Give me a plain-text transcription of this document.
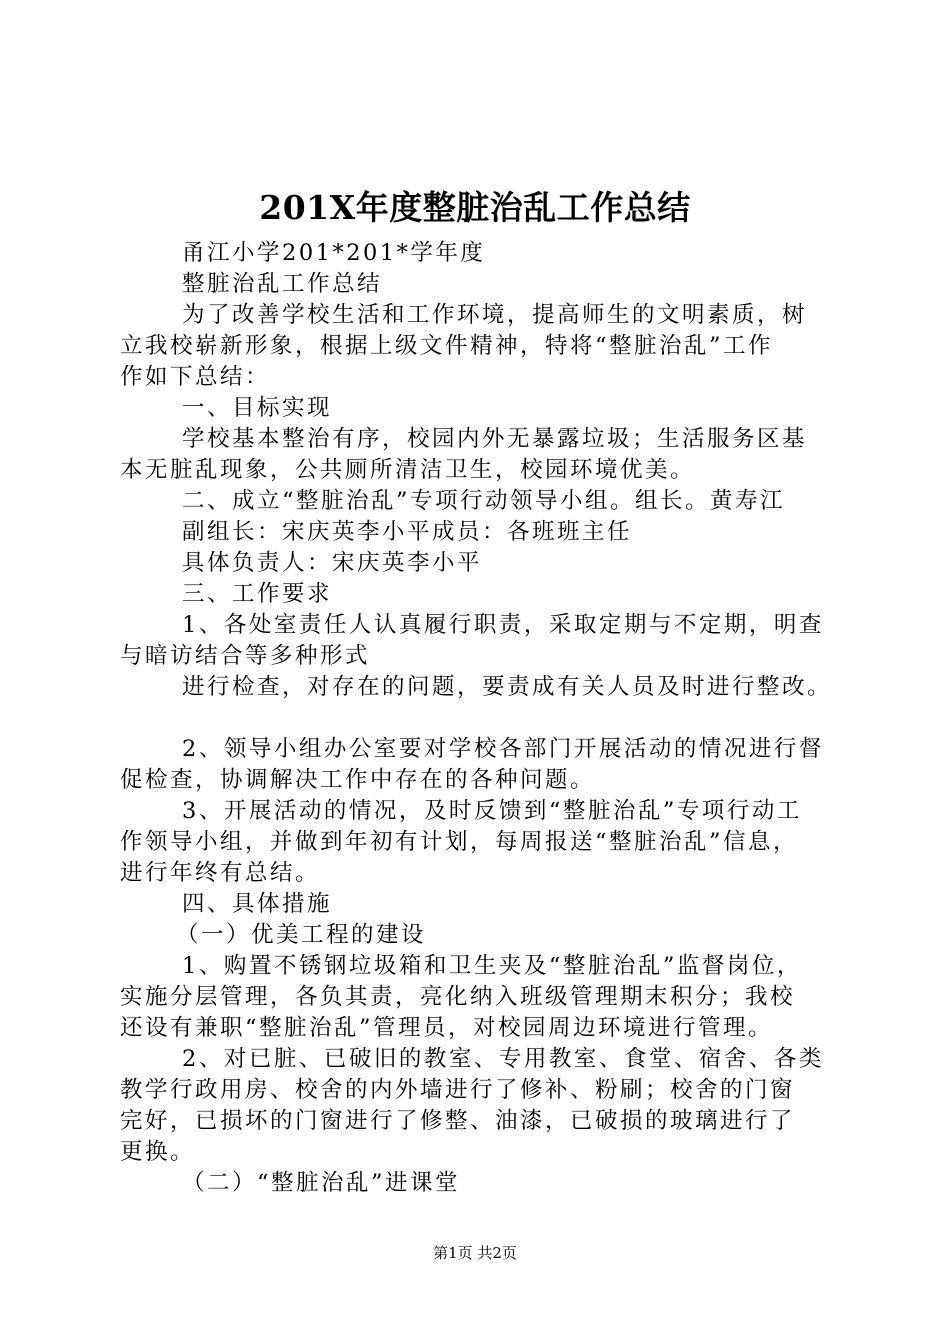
201X年度整脏治乱工作总结
甬江小学201*201*学年度
整脏治乱工作总结
为了改善学校生活和工作环境，提高师生的文明素质，树
立我校崭新形象，根据上级文件精神，特将“整脏治乱”工作
作如下总结：
一、目标实现
学校基本整治有序，校园内外无暴露垃圾；生活服务区基
本无脏乱现象，公共厕所清洁卫生，校园环境优美。
二、成立“整脏治乱”专项行动领导小组。组长。黄寿江
副组长：宋庆英李小平成员：各班班主任
具体负责人：宋庆英李小平
三、工作要求
1、各处室责任人认真履行职责，采取定期与不定期，明查
与暗访结合等多种形式
进行检查，对存在的问题，要责成有关人员及时进行整改。
2、领导小组办公室要对学校各部门开展活动的情况进行督
促检查，协调解决工作中存在的各种问题。
3、开展活动的情况，及时反馈到“整脏治乱”专项行动工
作领导小组，并做到年初有计划，每周报送“整脏治乱”信息，
进行年终有总结。
四、具体措施
（一）优美工程的建设
1、购置不锈钢垃圾箱和卫生夹及“整脏治乱”监督岗位，
实施分层管理，各负其责，亮化纳入班级管理期末积分；我校
还设有兼职“整脏治乱”管理员，对校园周边环境进行管理。
2、对已脏、已破旧的教室、专用教室、食堂、宿舍、各类
教学行政用房、校舍的内外墙进行了修补、粉刷；校舍的门窗
完好，已损坏的门窗进行了修整、油漆，已破损的玻璃进行了
更换。
（二）“整脏治乱”进课堂
第1页 共2页
